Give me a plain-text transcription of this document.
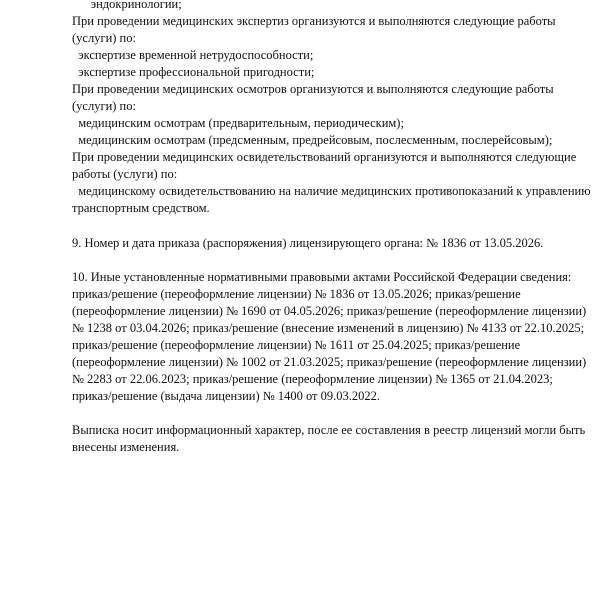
эндокринологии;

При проведении медицинских экспертиз организуются и выполняются следующие работы

(услуги) по:

экспертизе временной нетрудоспособности;

экспертизе профессиональной пригодности;

При проведении медицинских осмотров организуются и выполняются следующие работы

(услуги) по:

медицинским осмотрам (предварительным, периодическим);

медицинским осмотрам (предсменным, предрейсовым, послесменным, послерейсовым);

При проведении медицинских освидетельствований организуются и выполняются следующие

работы (услуги) по:

медицинскому освидетельствованию на наличие медицинских противопоказаний к управлению

транспортным средством.

9. Номер и дата приказа (распоряжения) лицензирующего органа: № 1836 от 13.05.2026.

10. Иные установленные нормативными правовыми актами Российской Федерации сведения:

приказ/решение (переоформление лицензии) № 1836 от 13.05.2026; приказ/решение

(переоформление лицензии) № 1690 от 04.05.2026; приказ/решение (переоформление лицензии)

№ 1238 от 03.04.2026; приказ/решение (внесение изменений в лицензию) № 4133 от 22.10.2025;

приказ/решение (переоформление лицензии) № 1611 от 25.04.2025; приказ/решение

(переоформление лицензии) № 1002 от 21.03.2025; приказ/решение (переоформление лицензии)

№ 2283 от 22.06.2023; приказ/решение (переоформление лицензии) № 1365 от 21.04.2023;

приказ/решение (выдача лицензии) № 1400 от 09.03.2022.

Выписка носит информационный характер, после ее составления в реестр лицензий могли быть

внесены изменения.
